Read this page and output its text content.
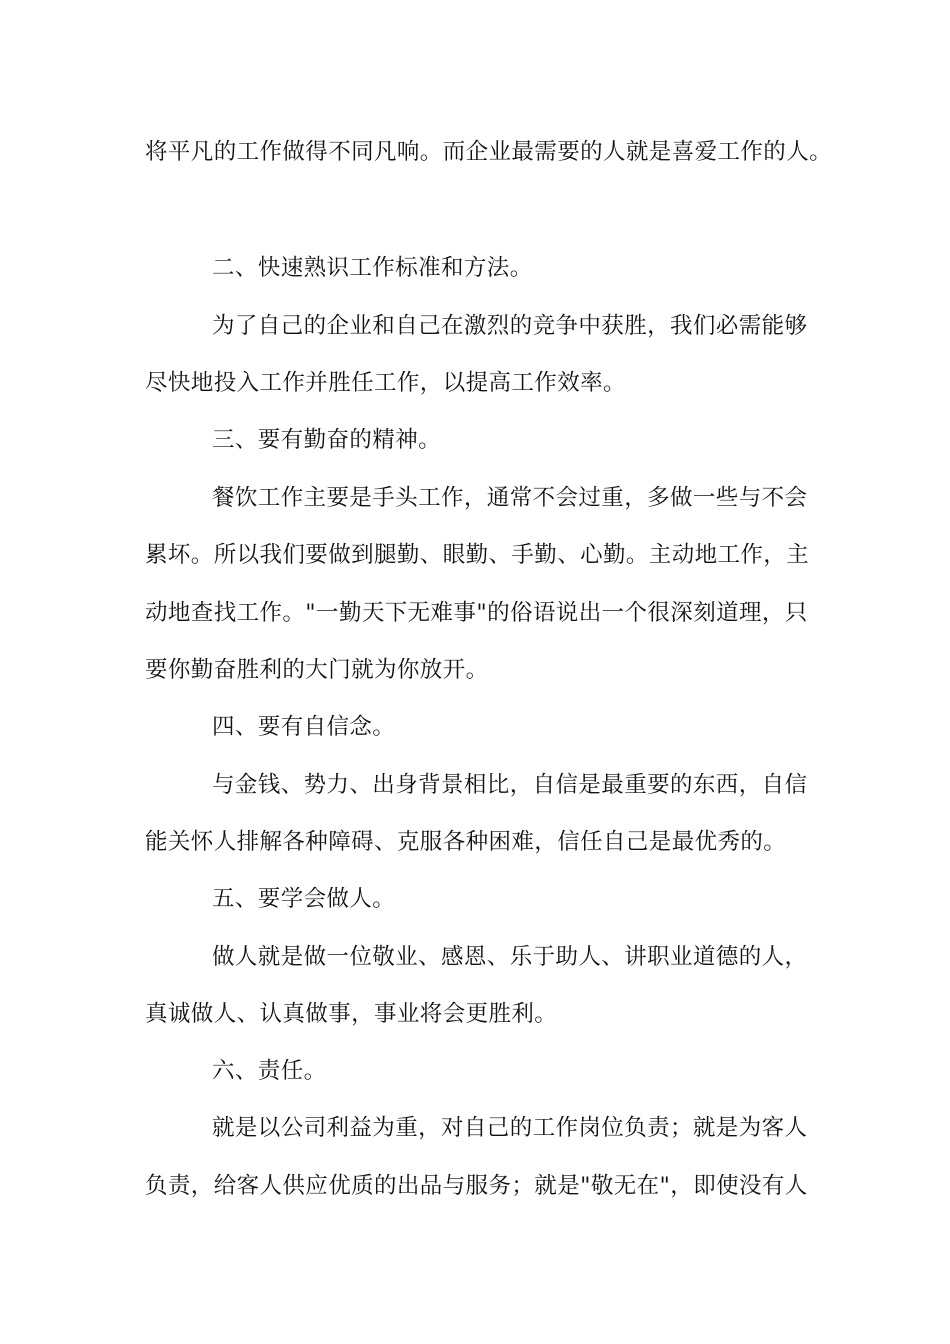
将平凡的工作做得不同凡响。而企业最需要的人就是喜爱工作的人。
二、快速熟识工作标准和方法。
为了自己的企业和自己在激烈的竞争中获胜，我们必需能够
尽快地投入工作并胜任工作，以提高工作效率。
三、要有勤奋的精神。
餐饮工作主要是手头工作，通常不会过重，多做一些与不会
累坏。所以我们要做到腿勤、眼勤、手勤、心勤。主动地工作，主
动地查找工作。"一勤天下无难事"的俗语说出一个很深刻道理，只
要你勤奋胜利的大门就为你放开。
四、要有自信念。
与金钱、势力、出身背景相比，自信是最重要的东西，自信
能关怀人排解各种障碍、克服各种困难，信任自己是最优秀的。
五、要学会做人。
做人就是做一位敬业、感恩、乐于助人、讲职业道德的人，
真诚做人、认真做事，事业将会更胜利。
六、责任。
就是以公司利益为重，对自己的工作岗位负责；就是为客人
负责，给客人供应优质的出品与服务；就是"敬无在"，即使没有人
